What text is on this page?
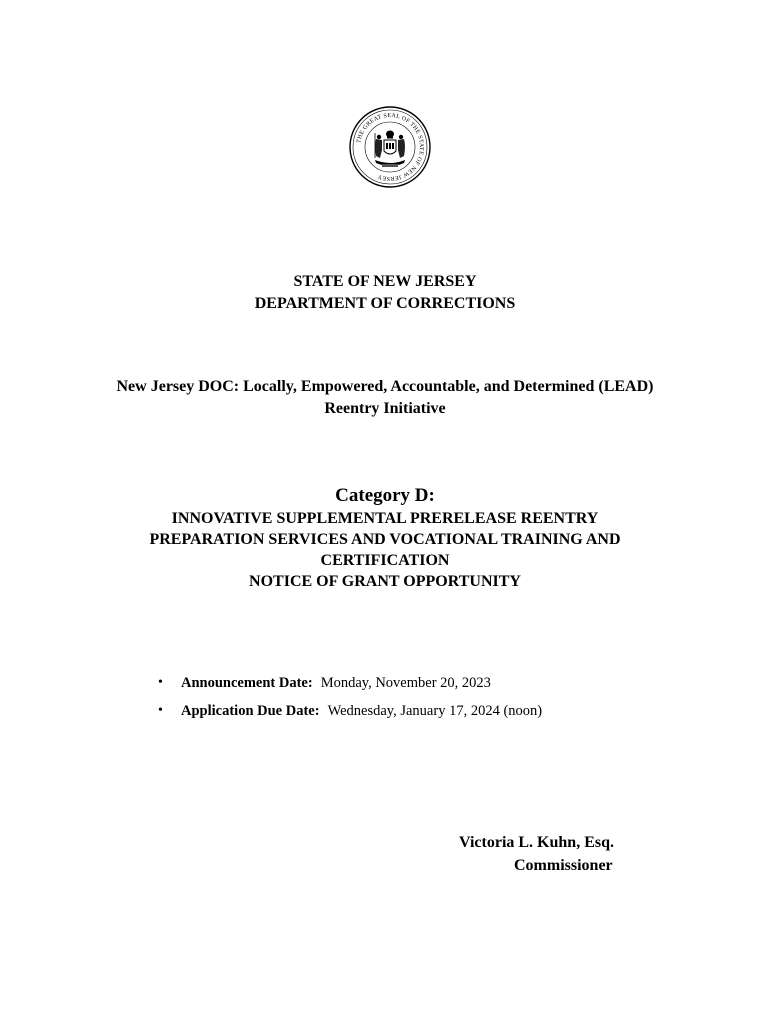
THE GREAT SEAL OF THE STATE OF NEW JERSEY
STATE OF NEW JERSEY
DEPARTMENT OF CORRECTIONS
New Jersey DOC: Locally, Empowered, Accountable, and Determined (LEAD)
Reentry Initiative
Category D:
INNOVATIVE SUPPLEMENTAL PRERELEASE REENTRY
PREPARATION SERVICES AND VOCATIONAL TRAINING AND
CERTIFICATION
NOTICE OF GRANT OPPORTUNITY
• Announcement Date: Monday, November 20, 2023
• Application Due Date: Wednesday, January 17, 2024 (noon)
Victoria L. Kuhn, Esq.
Commissioner
